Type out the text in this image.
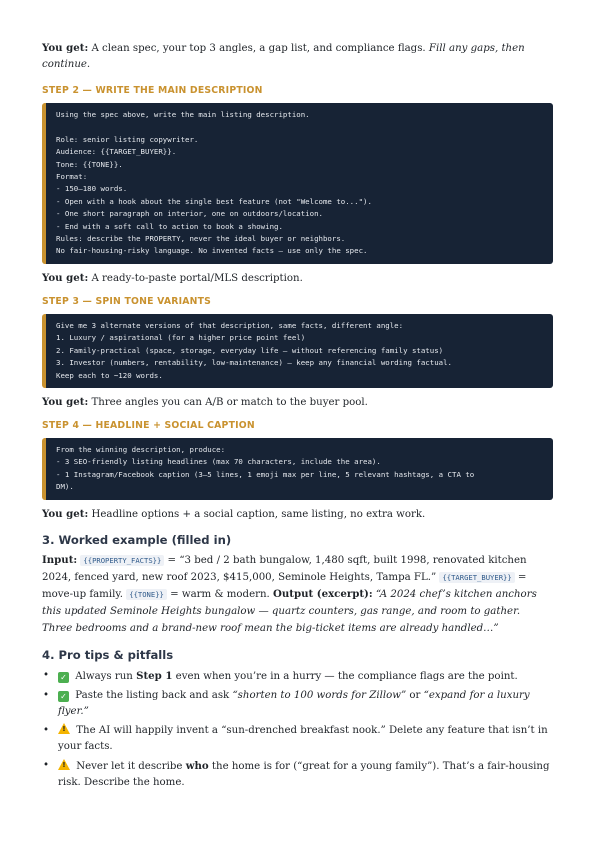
You get: A clean spec, your top 3 angles, a gap list, and compliance flags. Fill any gaps, then continue.

STEP 2 — WRITE THE MAIN DESCRIPTION
Using the spec above, write the main listing description.

Role: senior listing copywriter.
Audience: {{TARGET_BUYER}}.
Tone: {{TONE}}.
Format:
- 150–180 words.
- Open with a hook about the single best feature (not "Welcome to...").
- One short paragraph on interior, one on outdoors/location.
- End with a soft call to action to book a showing.
Rules: describe the PROPERTY, never the ideal buyer or neighbors.
No fair-housing-risky language. No invented facts — use only the spec.

You get: A ready-to-paste portal/MLS description.

STEP 3 — SPIN TONE VARIANTS
Give me 3 alternate versions of that description, same facts, different angle:
1. Luxury / aspirational (for a higher price point feel)
2. Family-practical (space, storage, everyday life — without referencing family status)
3. Investor (numbers, rentability, low-maintenance) — keep any financial wording factual.
Keep each to ~120 words.

You get: Three angles you can A/B or match to the buyer pool.

STEP 4 — HEADLINE + SOCIAL CAPTION
From the winning description, produce:
- 3 SEO-friendly listing headlines (max 70 characters, include the area).
- 1 Instagram/Facebook caption (3–5 lines, 1 emoji max per line, 5 relevant hashtags, a CTA to
DM).

You get: Headline options + a social caption, same listing, no extra work.

3. Worked example (filled in)

Input: {{PROPERTY_FACTS}} = “3 bed / 2 bath bungalow, 1,480 sqft, built 1998, renovated kitchen 2024, fenced yard, new roof 2023, $415,000, Seminole Heights, Tampa FL.” {{TARGET_BUYER}} = move-up family. {{TONE}} = warm & modern. Output (excerpt): “A 2024 chef’s kitchen anchors this updated Seminole Heights bungalow — quartz counters, gas range, and room to gather. Three bedrooms and a brand-new roof mean the big-ticket items are already handled…”

4. Pro tips & pitfalls
• ✓ Always run Step 1 even when you’re in a hurry — the compliance flags are the point.
• ✓ Paste the listing back and ask “shorten to 100 words for Zillow” or “expand for a luxury flyer.”
• ! The AI will happily invent a “sun-drenched breakfast nook.” Delete any feature that isn’t in your facts.
• ! Never let it describe who the home is for (“great for a young family”). That’s a fair-housing risk. Describe the home.
